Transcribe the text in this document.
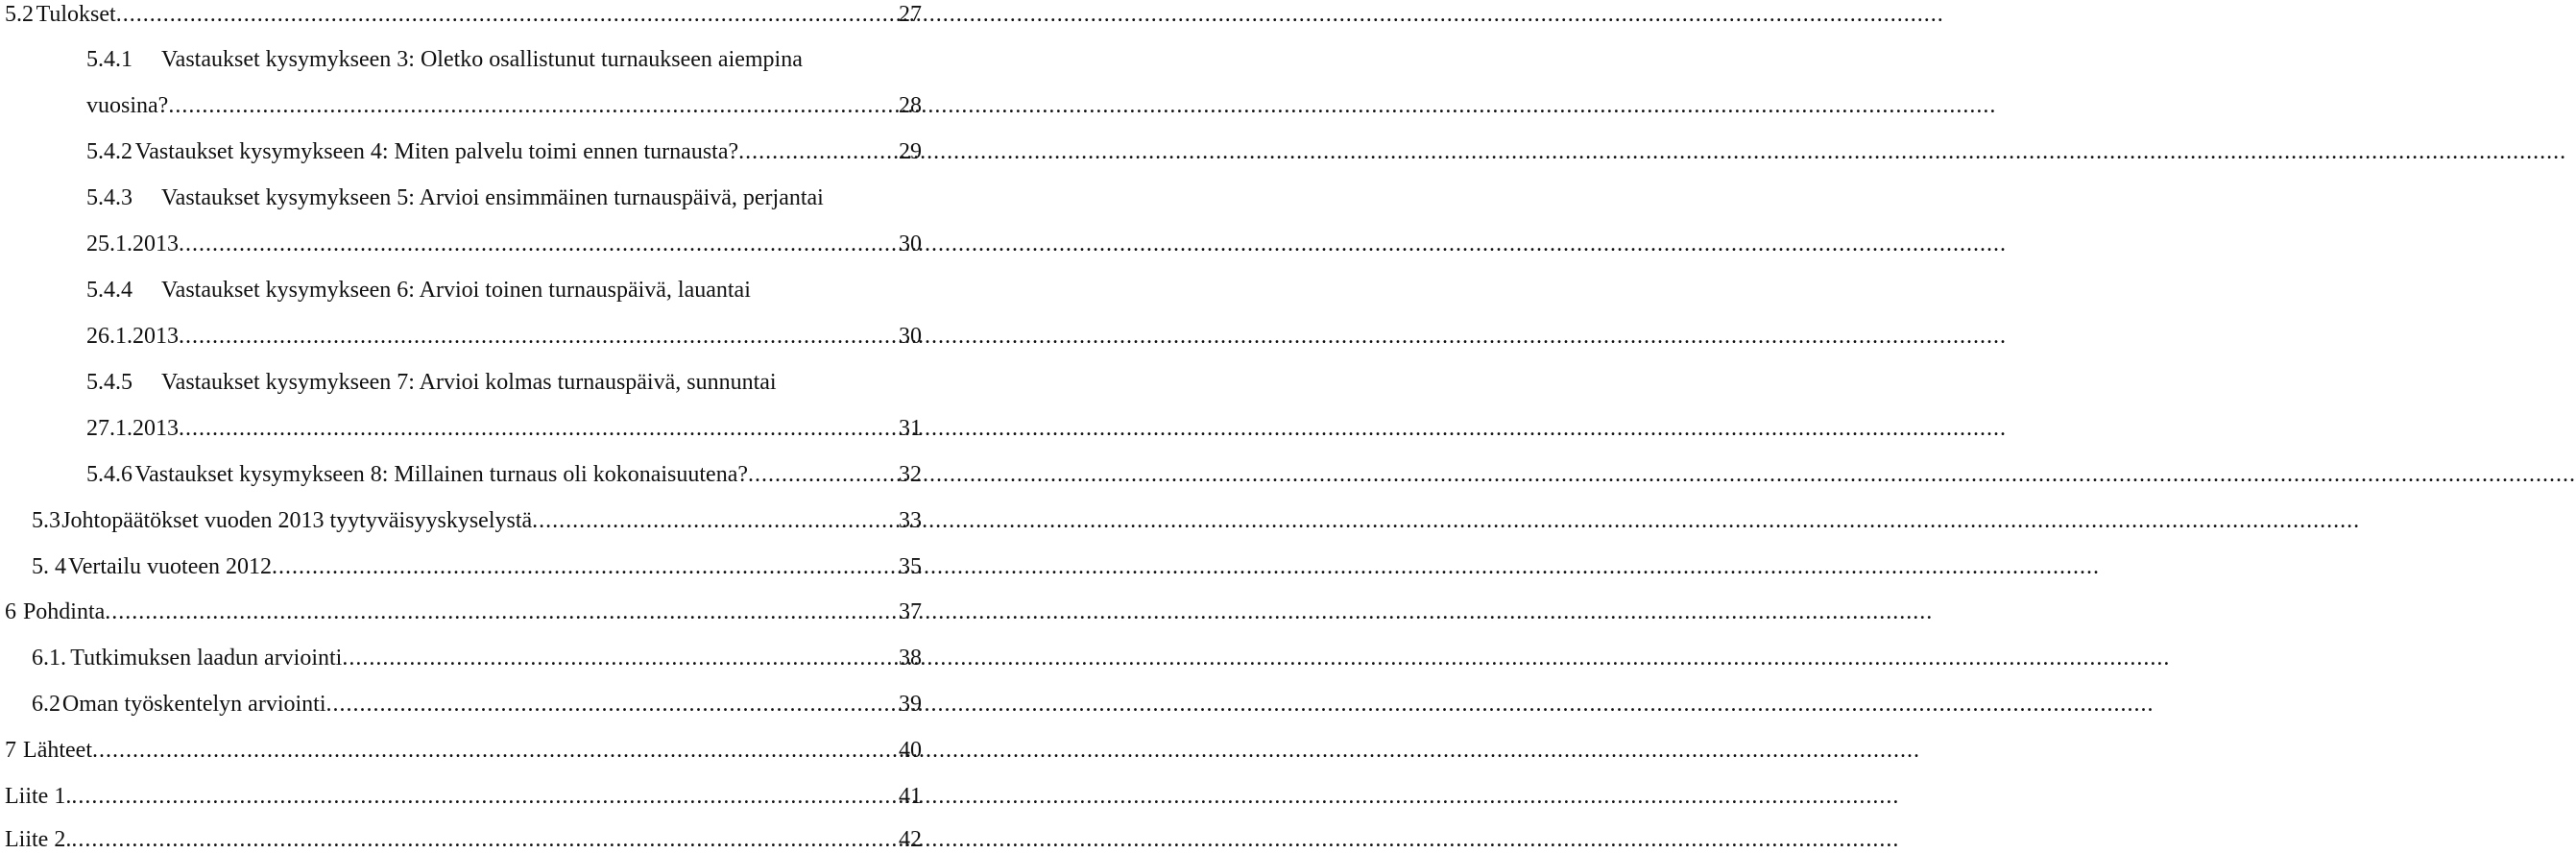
5.2 Tulokset .....	27
5.4.1 Vastaukset kysymykseen 3: Oletko osallistunut turnaukseen aiempina
vuosina? .....	28
5.4.2 Vastaukset kysymykseen 4: Miten palvelu toimi ennen turnausta? .....	29
5.4.3 Vastaukset kysymykseen 5: Arvioi ensimmäinen turnauspäivä, perjantai
25.1.2013 .....	30
5.4.4 Vastaukset kysymykseen 6: Arvioi toinen turnauspäivä, lauantai
26.1.2013 .....	30
5.4.5 Vastaukset kysymykseen 7: Arvioi kolmas turnauspäivä, sunnuntai
27.1.2013 .....	31
5.4.6 Vastaukset kysymykseen 8: Millainen turnaus oli kokonaisuutena? .....	32
5.3 Johtopäätökset vuoden 2013 tyytyväisyyskyselystä .....	33
5. 4 Vertailu vuoteen 2012 .....	35
6 Pohdinta .....	37
6.1. Tutkimuksen laadun arviointi .....	38
6.2 Oman työskentelyn arviointi .....	39
7 Lähteet .....	40
Liite 1. .....	41
Liite 2. .....	42
